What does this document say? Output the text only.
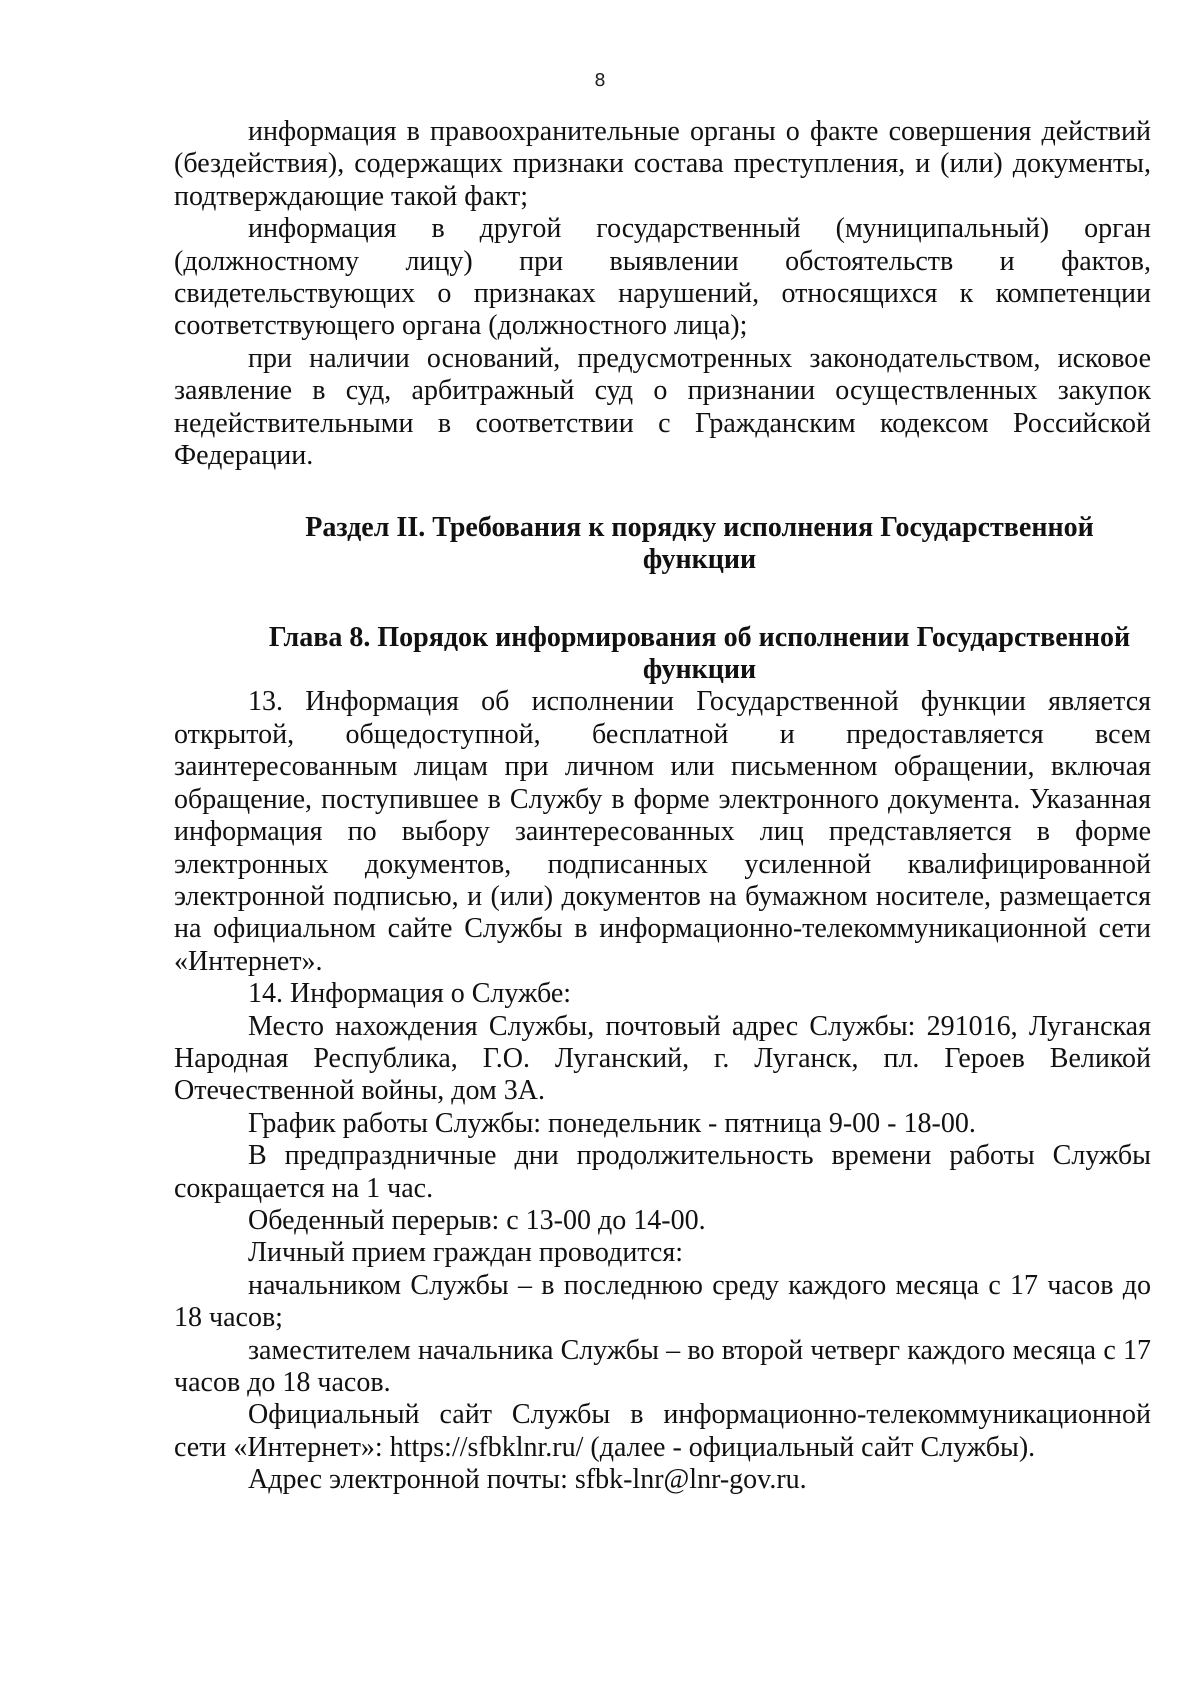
8

информация в правоохранительные органы о факте совершения действий (бездействия), содержащих признаки состава преступления, и (или) документы, подтверждающие такой факт;

информация в другой государственный (муниципальный) орган (должностному лицу) при выявлении обстоятельств и фактов, свидетельствующих о признаках нарушений, относящихся к компетенции соответствующего органа (должностного лица);

при наличии оснований, предусмотренных законодательством, исковое заявление в суд, арбитражный суд о признании осуществленных закупок недействительными в соответствии с Гражданским кодексом Российской Федерации.

Раздел II. Требования к порядку исполнения Государственной функции
Глава 8. Порядок информирования об исполнении Государственной функции

13. Информация об исполнении Государственной функции является открытой, общедоступной, бесплатной и предоставляется всем заинтересованным лицам при личном или письменном обращении, включая обращение, поступившее в Службу в форме электронного документа. Указанная информация по выбору заинтересованных лиц представляется в форме электронных документов, подписанных усиленной квалифицированной электронной подписью, и (или) документов на бумажном носителе, размещается на официальном сайте Службы в информационно-телекоммуникационной сети «Интернет».

14. Информация о Службе:

Место нахождения Службы, почтовый адрес Службы: 291016, Луганская Народная Республика, Г.О. Луганский, г. Луганск, пл. Героев Великой Отечественной войны, дом 3А.

График работы Службы: понедельник - пятница 9-00 - 18-00.

В предпраздничные дни продолжительность времени работы Службы сокращается на 1 час.

Обеденный перерыв: с 13-00 до 14-00.

Личный прием граждан проводится:

начальником Службы – в последнюю среду каждого месяца с 17 часов до 18 часов;

заместителем начальника Службы – во второй четверг каждого месяца с 17 часов до 18 часов.

Официальный сайт Службы в информационно-телекоммуникационной сети «Интернет»: https://sfbklnr.ru/ (далее - официальный сайт Службы).

Адрес электронной почты: sfbk-lnr@lnr-gov.ru.
